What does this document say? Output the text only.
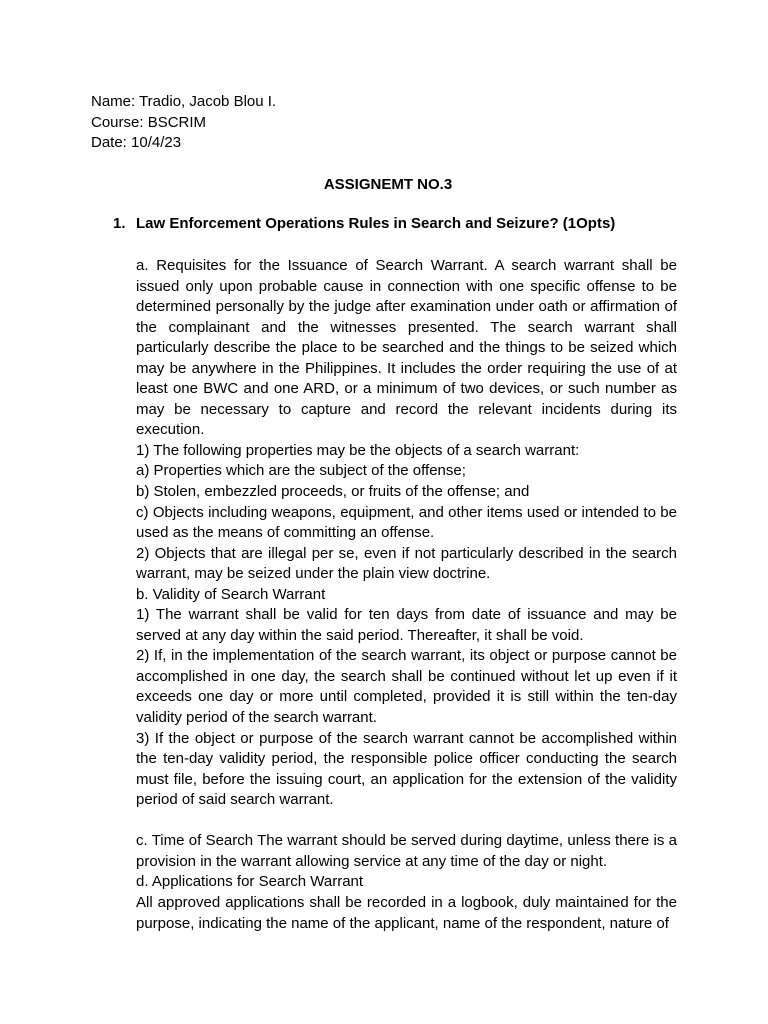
Name: Tradio, Jacob Blou I.
Course: BSCRIM
Date: 10/4/23
ASSIGNEMT NO.3
1. Law Enforcement Operations Rules in Search and Seizure? (1Opts)

a. Requisites for the Issuance of Search Warrant. A search warrant shall be issued only upon probable cause in connection with one specific offense to be determined personally by the judge after examination under oath or affirmation of the complainant and the witnesses presented. The search warrant shall particularly describe the place to be searched and the things to be seized which may be anywhere in the Philippines. It includes the order requiring the use of at least one BWC and one ARD, or a minimum of two devices, or such number as may be necessary to capture and record the relevant incidents during its execution.

1) The following properties may be the objects of a search warrant:

a) Properties which are the subject of the offense;

b) Stolen, embezzled proceeds, or fruits of the offense; and

c) Objects including weapons, equipment, and other items used or intended to be used as the means of committing an offense.

2) Objects that are illegal per se, even if not particularly described in the search warrant, may be seized under the plain view doctrine.

b. Validity of Search Warrant

1) The warrant shall be valid for ten days from date of issuance and may be served at any day within the said period. Thereafter, it shall be void.

2) If, in the implementation of the search warrant, its object or purpose cannot be accomplished in one day, the search shall be continued without let up even if it exceeds one day or more until completed, provided it is still within the ten-day validity period of the search warrant.

3) If the object or purpose of the search warrant cannot be accomplished within the ten-day validity period, the responsible police officer conducting the search must file, before the issuing court, an application for the extension of the validity period of said search warrant.

c. Time of Search The warrant should be served during daytime, unless there is a provision in the warrant allowing service at any time of the day or night.

d. Applications for Search Warrant

All approved applications shall be recorded in a logbook, duly maintained for the purpose, indicating the name of the applicant, name of the respondent, nature of
